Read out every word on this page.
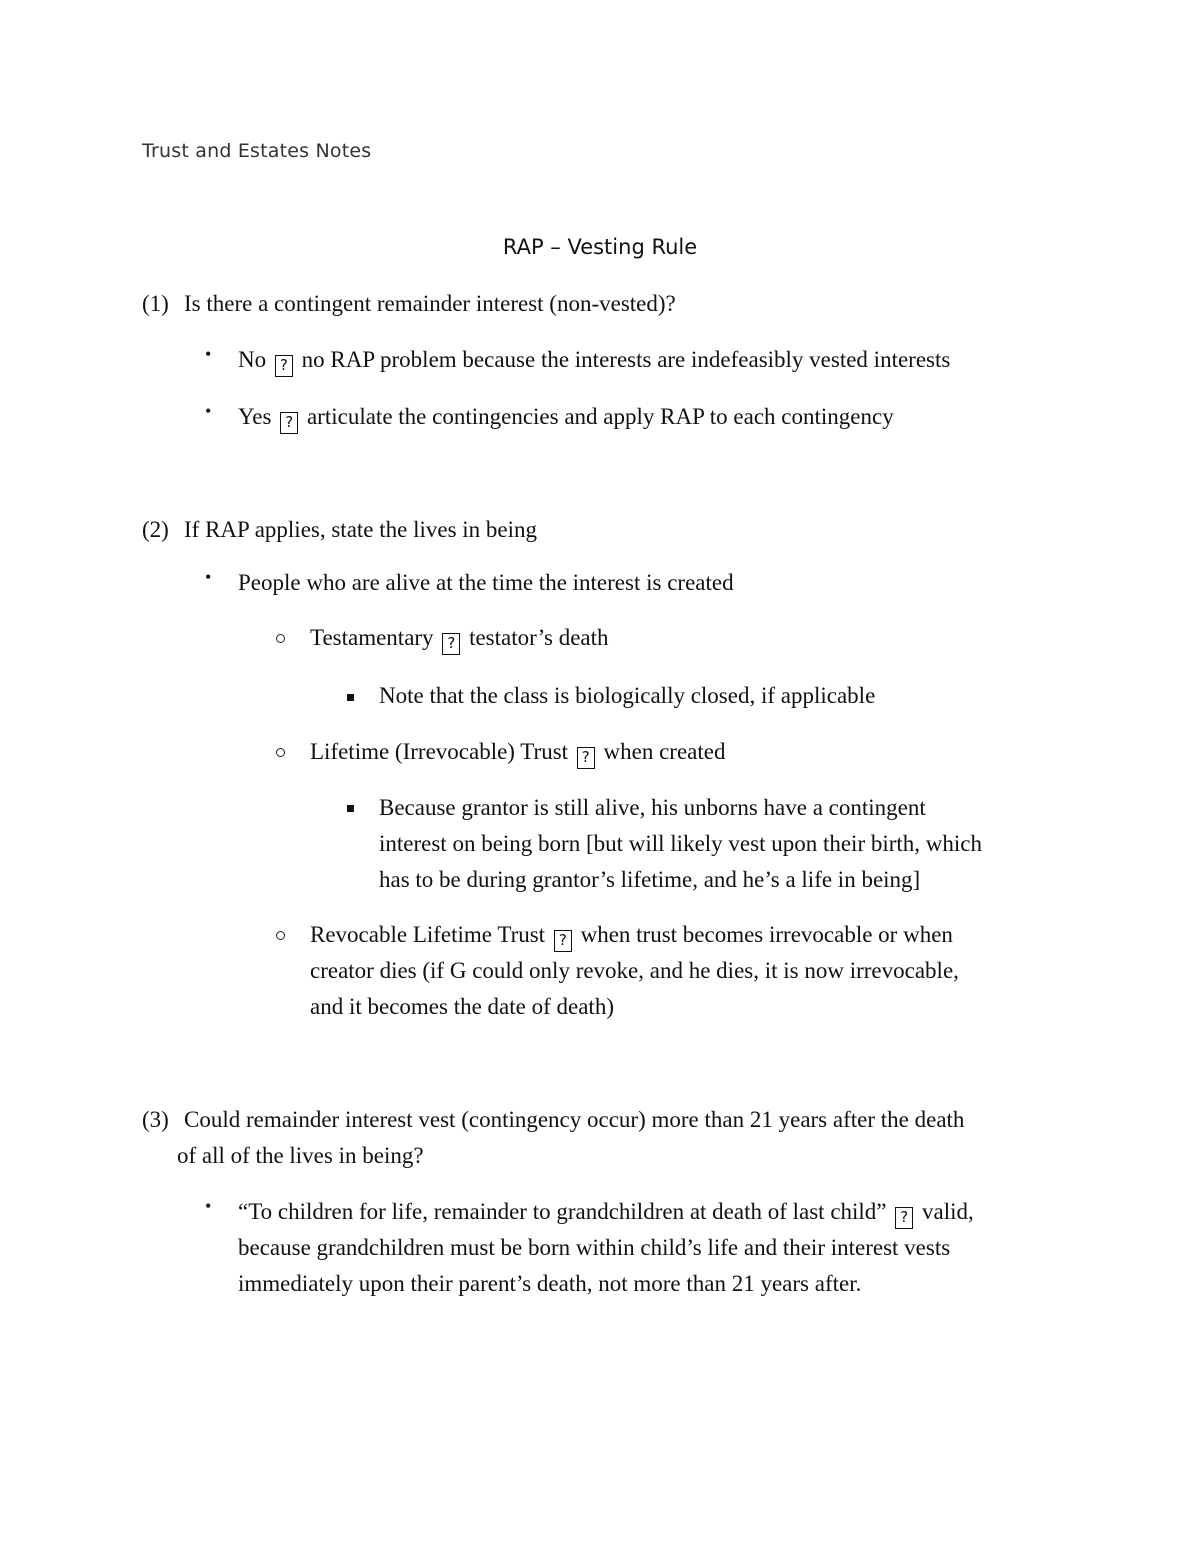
Trust and Estates Notes
RAP – Vesting Rule
(1) Is there a contingent remainder interest (non-vested)?
• No ? no RAP problem because the interests are indefeasibly vested interests
• Yes ? articulate the contingencies and apply RAP to each contingency
(2) If RAP applies, state the lives in being
• People who are alive at the time the interest is created
Testamentary ? testator’s death
Note that the class is biologically closed, if applicable
Lifetime (Irrevocable) Trust ? when created
Because grantor is still alive, his unborns have a contingent
interest on being born [but will likely vest upon their birth, which
has to be during grantor’s lifetime, and he’s a life in being]
Revocable Lifetime Trust ? when trust becomes irrevocable or when
creator dies (if G could only revoke, and he dies, it is now irrevocable,
and it becomes the date of death)
(3) Could remainder interest vest (contingency occur) more than 21 years after the death
of all of the lives in being?
• “To children for life, remainder to grandchildren at death of last child” ? valid,
because grandchildren must be born within child’s life and their interest vests
immediately upon their parent’s death, not more than 21 years after.
